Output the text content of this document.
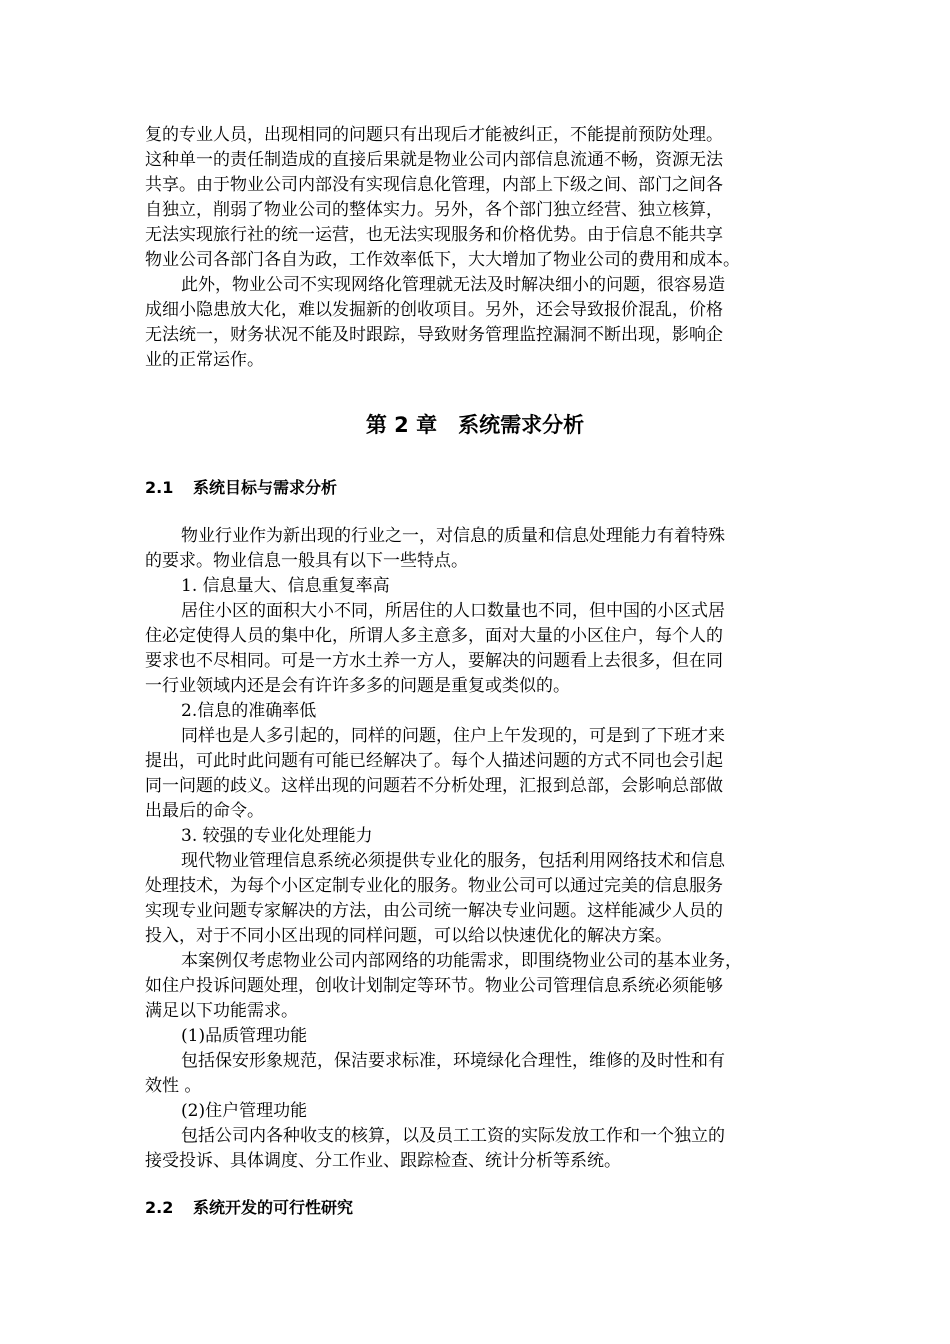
复的专业人员，出现相同的问题只有出现后才能被纠正，不能提前预防处理。
这种单一的责任制造成的直接后果就是物业公司内部信息流通不畅，资源无法
共享。由于物业公司内部没有实现信息化管理，内部上下级之间、部门之间各
自独立，削弱了物业公司的整体实力。另外，各个部门独立经营、独立核算，
无法实现旅行社的统一运营，也无法实现服务和价格优势。由于信息不能共享
物业公司各部门各自为政，工作效率低下，大大增加了物业公司的费用和成本。
此外，物业公司不实现网络化管理就无法及时解决细小的问题，很容易造
成细小隐患放大化，难以发掘新的创收项目。另外，还会导致报价混乱，价格
无法统一，财务状况不能及时跟踪，导致财务管理监控漏洞不断出现，影响企
业的正常运作。
第 2 章　系统需求分析
2.1 系统目标与需求分析
物业行业作为新出现的行业之一，对信息的质量和信息处理能力有着特殊
的要求。物业信息一般具有以下一些特点。
1. 信息量大、信息重复率高
居住小区的面积大小不同，所居住的人口数量也不同，但中国的小区式居
住必定使得人员的集中化，所谓人多主意多，面对大量的小区住户，每个人的
要求也不尽相同。可是一方水土养一方人，要解决的问题看上去很多，但在同
一行业领域内还是会有许许多多的问题是重复或类似的。
2.信息的准确率低
同样也是人多引起的，同样的问题，住户上午发现的，可是到了下班才来
提出，可此时此问题有可能已经解决了。每个人描述问题的方式不同也会引起
同一问题的歧义。这样出现的问题若不分析处理，汇报到总部，会影响总部做
出最后的命令。
3. 较强的专业化处理能力
现代物业管理信息系统必须提供专业化的服务，包括利用网络技术和信息
处理技术，为每个小区定制专业化的服务。物业公司可以通过完美的信息服务
实现专业问题专家解决的方法，由公司统一解决专业问题。这样能减少人员的
投入，对于不同小区出现的同样问题，可以给以快速优化的解决方案。
本案例仅考虑物业公司内部网络的功能需求，即围绕物业公司的基本业务，
如住户投诉问题处理，创收计划制定等环节。物业公司管理信息系统必须能够
满足以下功能需求。
(1)品质管理功能
包括保安形象规范，保洁要求标准，环境绿化合理性，维修的及时性和有
效性 。
(2)住户管理功能
包括公司内各种收支的核算，以及员工工资的实际发放工作和一个独立的
接受投诉、具体调度、分工作业、跟踪检查、统计分析等系统。
2.2 系统开发的可行性研究
